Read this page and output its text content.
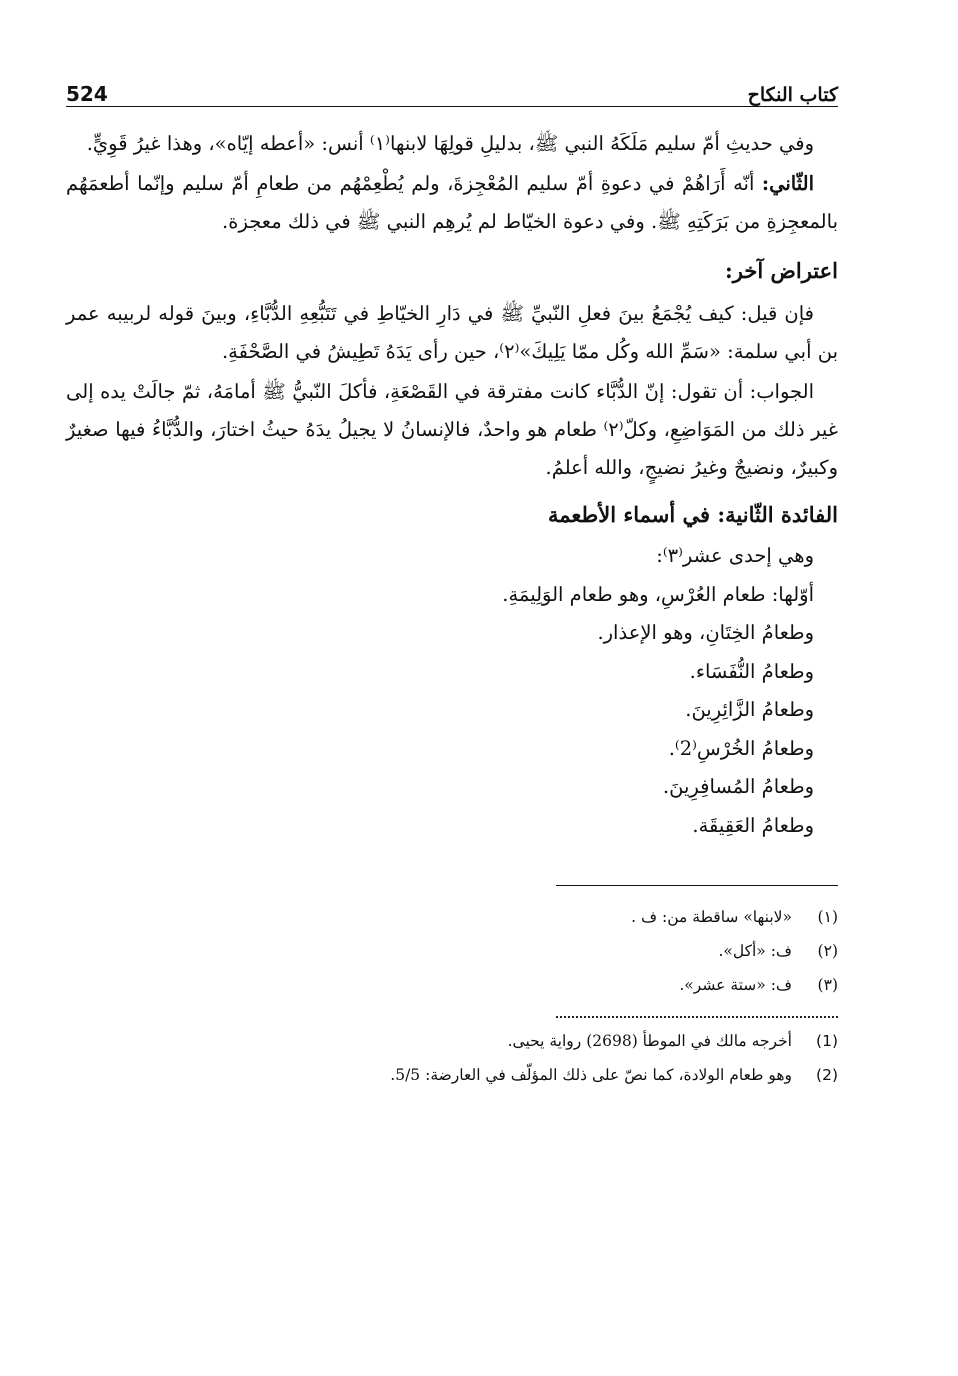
كتاب النكاح
524

وفي حديثِ أمّ سليم مَلَكَهُ النبي ﷺ، بدليلِ قولِهَا لابنها⁽١⁾ أنس: «أعطه إيّاه»، وهذا غيرُ قَوِيٍّ.

الثّاني: أنّه أَرَاهُمْ في دعوةِ أمّ سليم المُعْجِزةَ، ولم يُطْعِمْهُم من طعامِ أمّ سليم وإنّما أطعمَهُم بالمعجِزةِ من بَرَكَتِهِ ﷺ. وفي دعوة الخيّاط لم يُرهِم النبي ﷺ في ذلك معجزة.

اعتراض آخر:

فإن قيل: كيف يُجْمَعُ بينَ فعلِ النّبيِّ ﷺ في دَارِ الخيّاطِ في تَتَبُّعِهِ الدُّبَّاءِ، وبينَ قوله لربيبه عمر بن أبي سلمة: «سَمِّ الله وكُل ممّا يَلِيكَ»⁽٢⁾، حين رأى يَدَهُ تَطِيشُ في الصَّحْفَةِ.

الجواب: أن تقول: إنّ الدُّبَّاء كانت مفترقة في القَصْعَةِ، فأكلَ النّبيُّ ﷺ أمامَهُ، ثمّ جالَتْ يده إلى غير ذلك من المَوَاضِعِ، وكلّ⁽٢⁾ طعام هو واحدٌ، فالإنسانُ لا يجيلُ يدَهُ حيثُ اختارَ، والدُّبَّاءُ فيها صغيرٌ وكبيرٌ، ونضيجٌ وغيرُ نضيجٍ، والله أعلمُ.

الفائدة الثّانية: في أسماء الأطعمة
وهي إحدى عشر⁽٣⁾:
أوّلها: طعام العُرْسِ، وهو طعام الوَلِيمَةِ.
وطعامُ الخِتَانِ، وهو الإعذار.
وطعامُ النُّفَسَاء.
وطعامُ الزَّائِرِينَ.
وطعامُ الخُرْسِ⁽2⁾.
وطعامُ المُسافِرِينَ.
وطعامُ العَقِيقَة.
(١)
«لابنها» ساقطة من: ف .
(٢)
ف: «أكل».
(٣)
ف: «ستة عشر».
(1)
أخرجه مالك في الموطأ (2698) رواية يحيى.
(2)
وهو طعام الولادة، كما نصّ على ذلك المؤلّف في العارضة: 5/5.
